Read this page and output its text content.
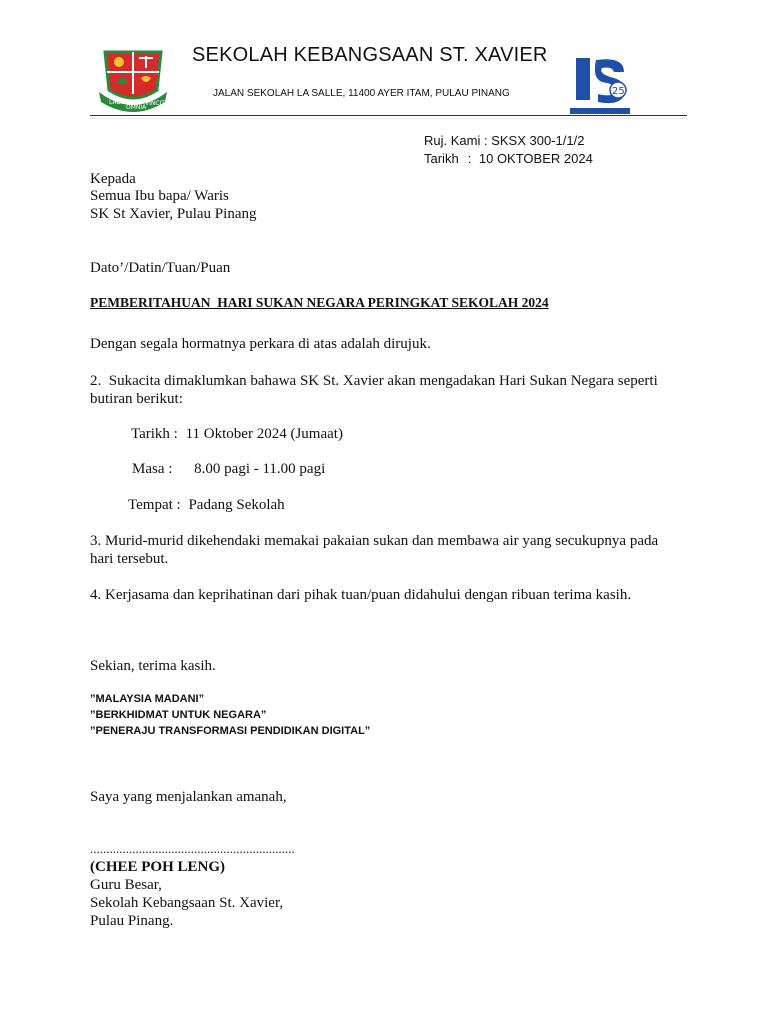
LABOR
OMNIA
VINCIT
25
SEKOLAH KEBANGSAAN ST. XAVIER
JALAN SEKOLAH LA SALLE, 11400 AYER ITAM, PULAU PINANG
Ruj. Kami : SKSX 300-1/1/2
Tarikh : 10 OKTOBER 2024
Kepada
Semua Ibu bapa/ Waris
SK St Xavier, Pulau Pinang
Dato’/Datin/Tuan/Puan
PEMBERITAHUAN  HARI SUKAN NEGARA PERINGKAT SEKOLAH 2024
Dengan segala hormatnya perkara di atas adalah dirujuk.
2.  Sukacita dimaklumkan bahawa SK St. Xavier akan mengadakan Hari Sukan Negara seperti butiran berikut:
Tarikh : 11 Oktober 2024 (Jumaat)
Masa : 8.00 pagi - 11.00 pagi
Tempat : Padang Sekolah
3. Murid-murid dikehendaki memakai pakaian sukan dan membawa air yang secukupnya pada hari tersebut.
4. Kerjasama dan keprihatinan dari pihak tuan/puan didahului dengan ribuan terima kasih.
Sekian, terima kasih.
”MALAYSIA MADANI”
”BERKHIDMAT UNTUK NEGARA”
”PENERAJU TRANSFORMASI PENDIDIKAN DIGITAL”
Saya yang menjalankan amanah,
...............................................................
(CHEE POH LENG)
Guru Besar,
Sekolah Kebangsaan St. Xavier,
Pulau Pinang.
